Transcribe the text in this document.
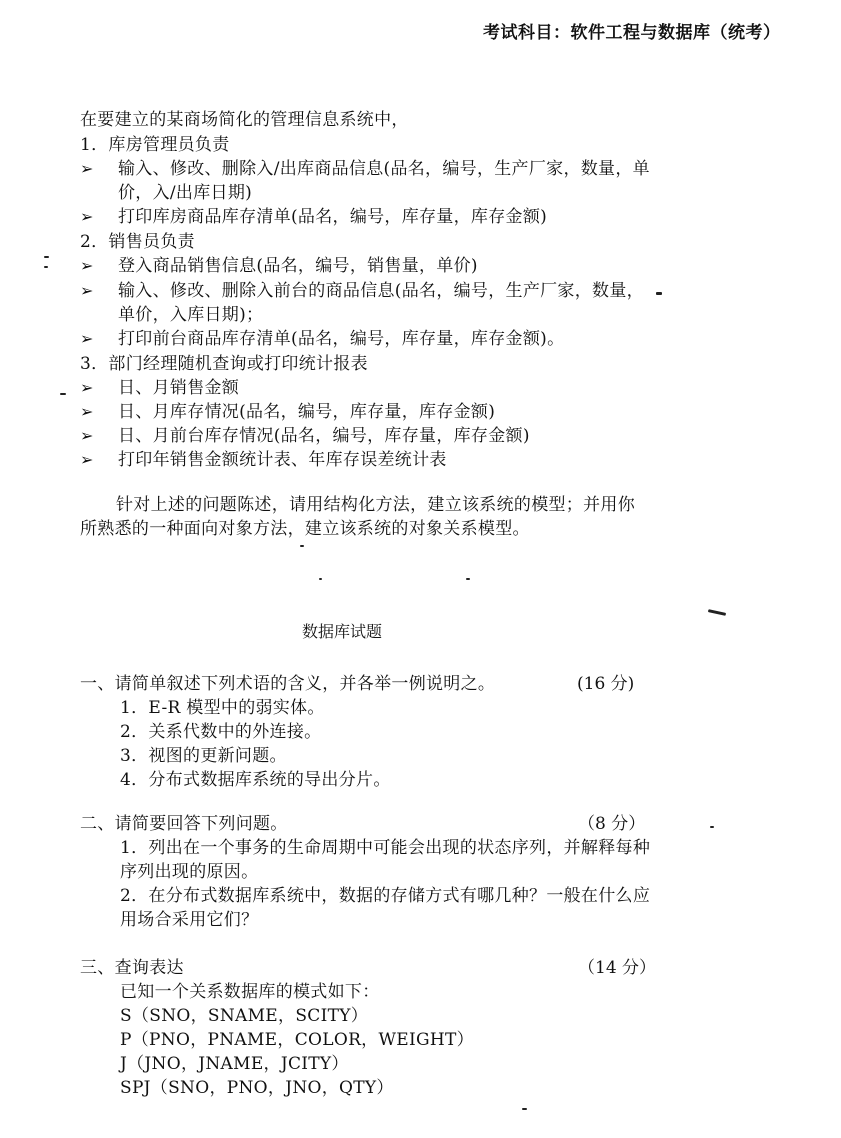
考试科目：软件工程与数据库（统考）
在要建立的某商场简化的管理信息系统中，
1．库房管理员负责
➢ 输入、修改、删除入/出库商品信息(品名，编号，生产厂家，数量，单
价，入/出库日期)
➢ 打印库房商品库存清单(品名，编号，库存量，库存金额)
2．销售员负责
➢ 登入商品销售信息(品名，编号，销售量，单价)
➢ 输入、修改、删除入前台的商品信息(品名，编号，生产厂家，数量，
单价，入库日期)；
➢ 打印前台商品库存清单(品名，编号，库存量，库存金额)。
3．部门经理随机查询或打印统计报表
➢ 日、月销售金额
➢ 日、月库存情况(品名，编号，库存量，库存金额)
➢ 日、月前台库存情况(品名，编号，库存量，库存金额)
➢ 打印年销售金额统计表、年库存误差统计表
针对上述的问题陈述，请用结构化方法，建立该系统的模型；并用你
所熟悉的一种面向对象方法，建立该系统的对象关系模型。
数据库试题
一、请简单叙述下列术语的含义，并各举一例说明之。	(16 分)
1．E-R 模型中的弱实体。
2．关系代数中的外连接。
3．视图的更新问题。
4．分布式数据库系统的导出分片。
二、请简要回答下列问题。	（8 分）
1．列出在一个事务的生命周期中可能会出现的状态序列，并解释每种
序列出现的原因。
2．在分布式数据库系统中，数据的存储方式有哪几种？一般在什么应
用场合采用它们？
三、查询表达	（14 分）
已知一个关系数据库的模式如下：
S（SNO，SNAME，SCITY）
P（PNO，PNAME，COLOR，WEIGHT）
J（JNO，JNAME，JCITY）
SPJ（SNO，PNO，JNO，QTY）
